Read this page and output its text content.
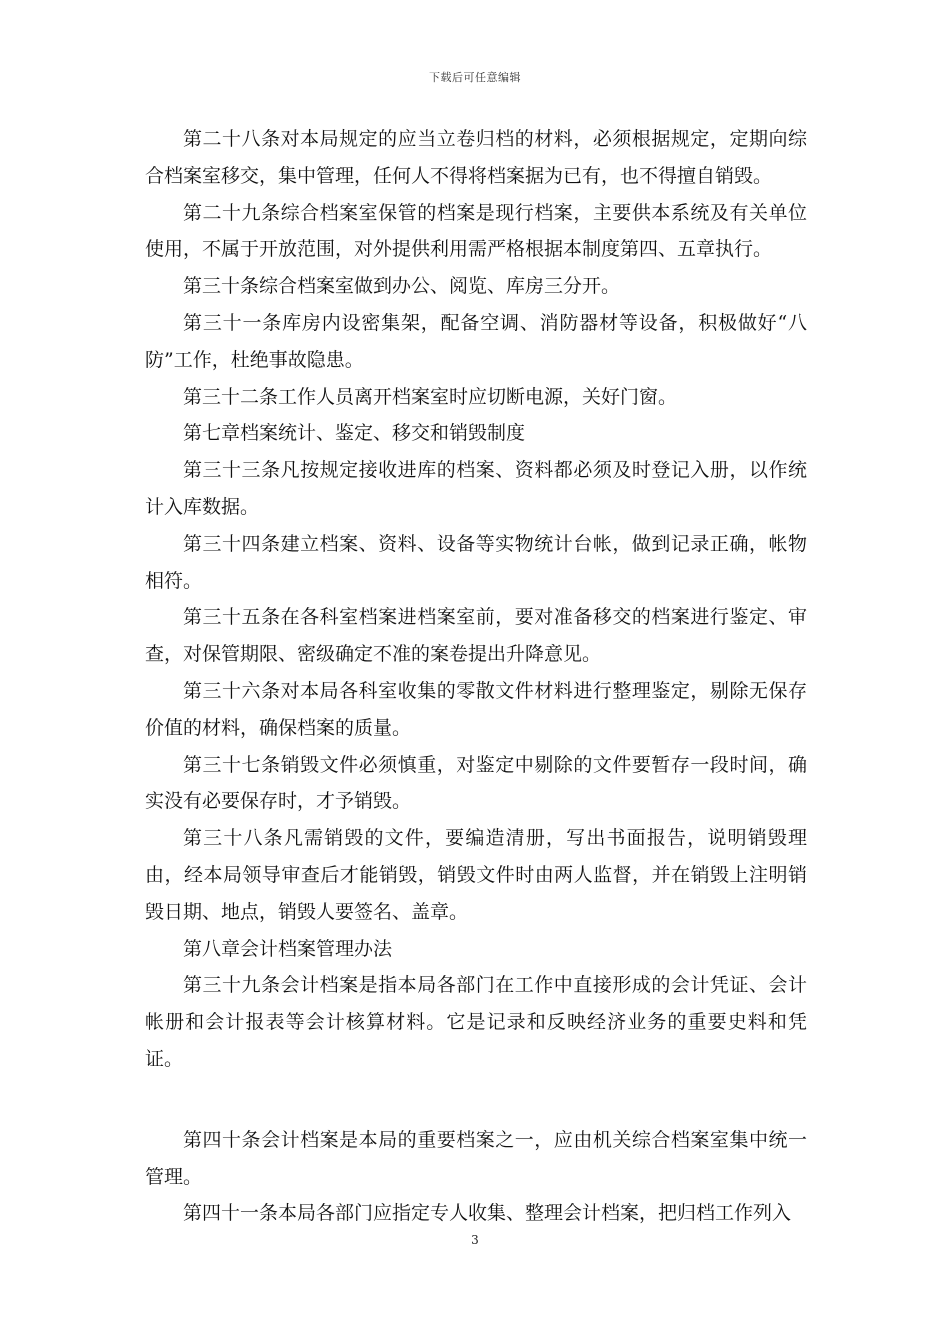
下载后可任意编辑

第二十八条对本局规定的应当立卷归档的材料，必须根据规定，定期向综合档案室移交，集中管理，任何人不得将档案据为已有，也不得擅自销毁。

第二十九条综合档案室保管的档案是现行档案，主要供本系统及有关单位使用，不属于开放范围，对外提供利用需严格根据本制度第四、五章执行。

第三十条综合档案室做到办公、阅览、库房三分开。

第三十一条库房内设密集架，配备空调、消防器材等设备，积极做好“八防”工作，杜绝事故隐患。

第三十二条工作人员离开档案室时应切断电源，关好门窗。

第七章档案统计、鉴定、移交和销毁制度

第三十三条凡按规定接收进库的档案、资料都必须及时登记入册，以作统计入库数据。

第三十四条建立档案、资料、设备等实物统计台帐，做到记录正确，帐物相符。

第三十五条在各科室档案进档案室前，要对准备移交的档案进行鉴定、审查，对保管期限、密级确定不准的案卷提出升降意见。

第三十六条对本局各科室收集的零散文件材料进行整理鉴定，剔除无保存价值的材料，确保档案的质量。

第三十七条销毁文件必须慎重，对鉴定中剔除的文件要暂存一段时间，确实没有必要保存时，才予销毁。

第三十八条凡需销毁的文件，要编造清册，写出书面报告，说明销毁理由，经本局领导审查后才能销毁，销毁文件时由两人监督，并在销毁上注明销毁日期、地点，销毁人要签名、盖章。

第八章会计档案管理办法

第三十九条会计档案是指本局各部门在工作中直接形成的会计凭证、会计帐册和会计报表等会计核算材料。它是记录和反映经济业务的重要史料和凭证。

第四十条会计档案是本局的重要档案之一，应由机关综合档案室集中统一管理。

第四十一条本局各部门应指定专人收集、整理会计档案，把归档工作列入

3
